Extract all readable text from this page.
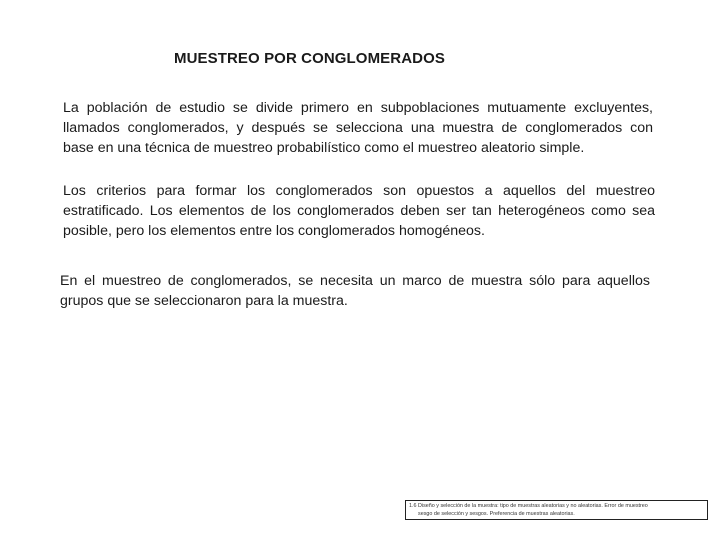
MUESTREO POR CONGLOMERADOS
La población de estudio se divide primero en subpoblaciones mutuamente excluyentes,
llamados conglomerados, y después se selecciona una muestra de conglomerados con
base en una técnica de muestreo probabilístico como el muestreo aleatorio simple.
Los criterios para formar los conglomerados son opuestos a aquellos del muestreo
estratificado. Los elementos de los conglomerados deben ser tan heterogéneos como sea
posible, pero los elementos entre los conglomerados homogéneos.
En el muestreo de conglomerados, se necesita un marco de muestra sólo para aquellos
grupos que se seleccionaron para la muestra.
1.6 Diseño y selección de la muestra: tipo de muestras aleatorias y no aleatorias. Error de muestreo
sesgo de selección y sesgos. Preferencia de muestras aleatorias.
